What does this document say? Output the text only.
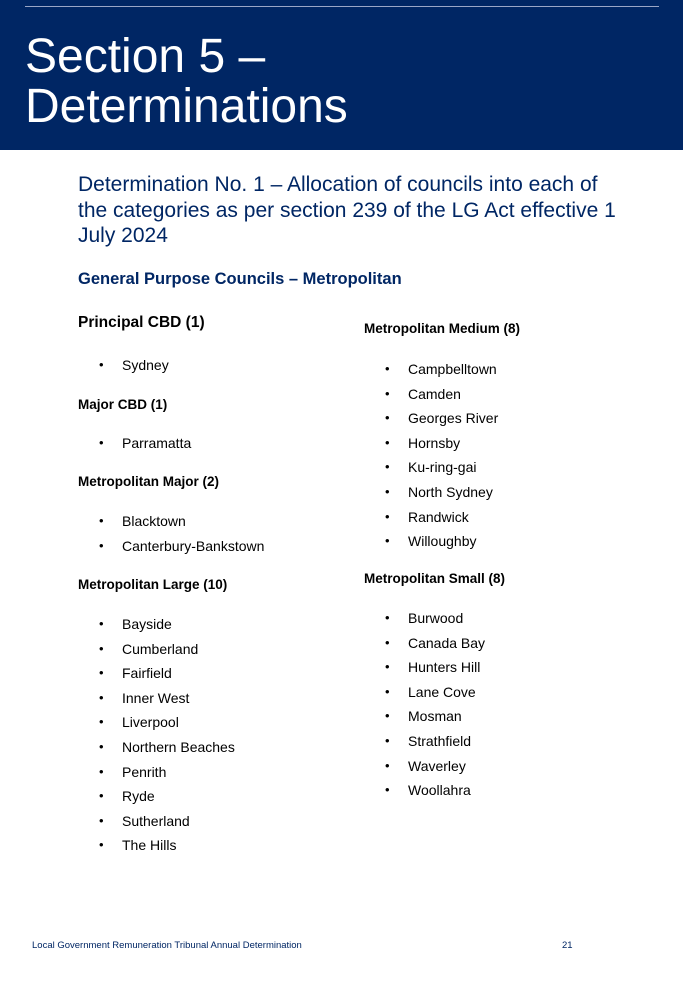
Section 5 –
Determinations
Determination No. 1 – Allocation of councils into each of the categories as per section 239 of the LG Act effective 1 July 2024
General Purpose Councils – Metropolitan
Principal CBD (1)
• Sydney
Major CBD (1)
• Parramatta
Metropolitan Major (2)
• Blacktown
• Canterbury-Bankstown
Metropolitan Large (10)
• Bayside
• Cumberland
• Fairfield
• Inner West
• Liverpool
• Northern Beaches
• Penrith
• Ryde
• Sutherland
• The Hills
Metropolitan Medium (8)
• Campbelltown
• Camden
• Georges River
• Hornsby
• Ku-ring-gai
• North Sydney
• Randwick
• Willoughby
Metropolitan Small (8)
• Burwood
• Canada Bay
• Hunters Hill
• Lane Cove
• Mosman
• Strathfield
• Waverley
• Woollahra
Local Government Remuneration Tribunal Annual Determination	21
